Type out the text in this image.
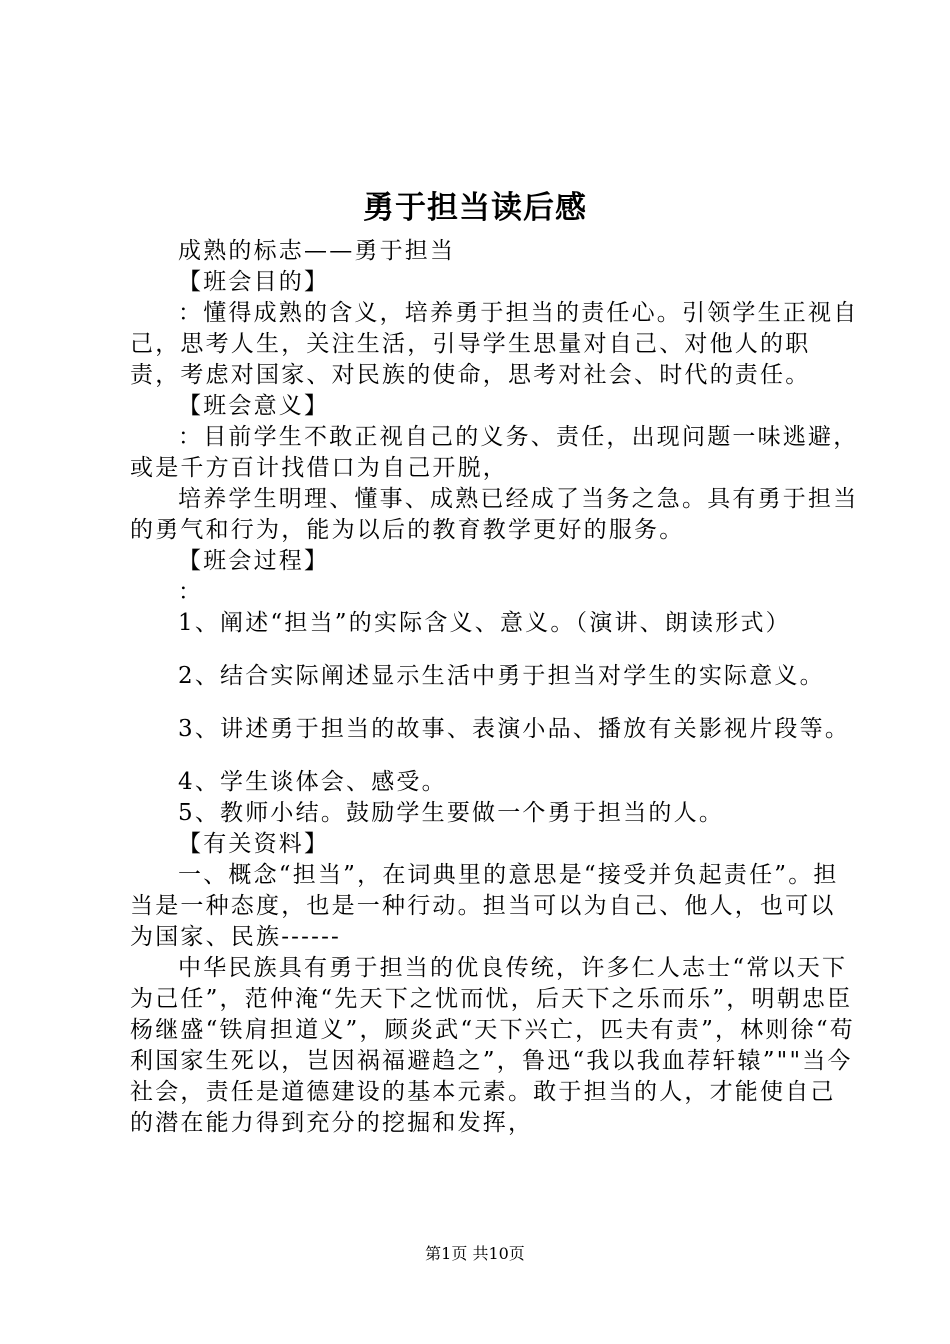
勇于担当读后感

成熟的标志——勇于担当

【班会目的】

：懂得成熟的含义，培养勇于担当的责任心。引领学生正视自己，思考人生，关注生活，引导学生思量对自己、对他人的职责，考虑对国家、对民族的使命，思考对社会、时代的责任。

【班会意义】

：目前学生不敢正视自己的义务、责任，出现问题一味逃避，或是千方百计找借口为自己开脱，

培养学生明理、懂事、成熟已经成了当务之急。具有勇于担当的勇气和行为，能为以后的教育教学更好的服务。

【班会过程】

：

1、阐述“担当”的实际含义、意义。（演讲、朗读形式）

2、结合实际阐述显示生活中勇于担当对学生的实际意义。

3、讲述勇于担当的故事、表演小品、播放有关影视片段等。

4、学生谈体会、感受。

5、教师小结。鼓励学生要做一个勇于担当的人。

【有关资料】

一、概念“担当”，在词典里的意思是“接受并负起责任”。担当是一种态度，也是一种行动。担当可以为自己、他人，也可以为国家、民族------

中华民族具有勇于担当的优良传统，许多仁人志士“常以天下为己任”，范仲淹“先天下之忧而忧，后天下之乐而乐”，明朝忠臣杨继盛“铁肩担道义”，顾炎武“天下兴亡，匹夫有责”，林则徐“苟利国家生死以，岂因祸福避趋之”，鲁迅“我以我血荐轩辕”""当今社会，责任是道德建设的基本元素。敢于担当的人，才能使自己的潜在能力得到充分的挖掘和发挥，

第1页 共10页
